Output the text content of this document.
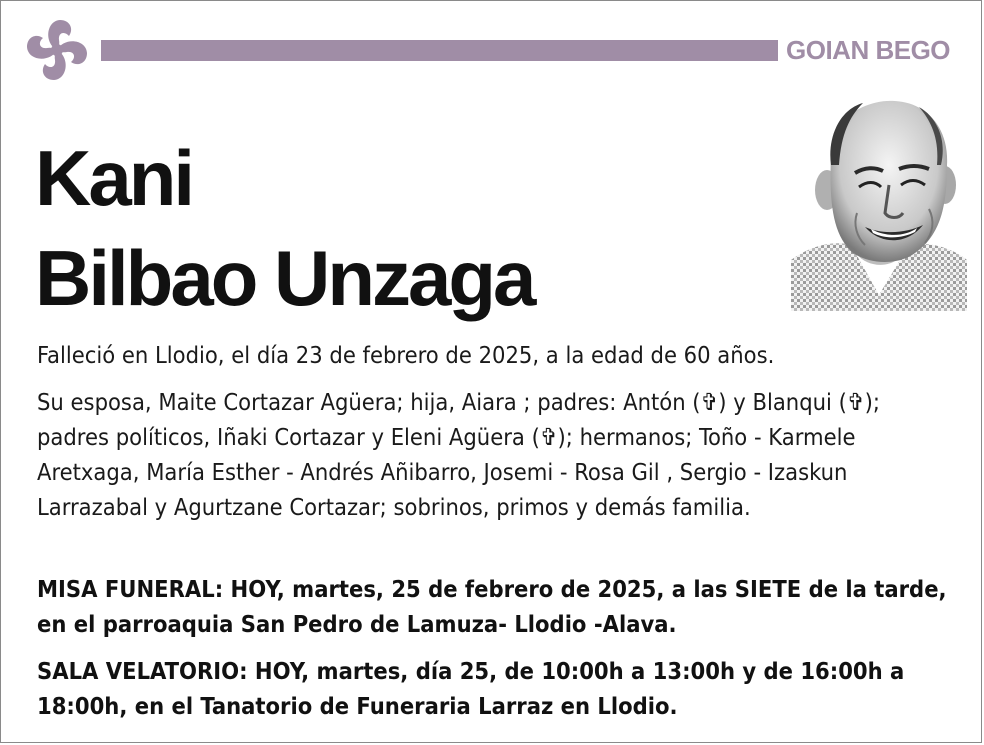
GOIAN BEGO
Kani
Bilbao Unzaga
Falleció en Llodio, el día 23 de febrero de 2025, a la edad de 60 años.
Su esposa, Maite Cortazar Agüera; hija, Aiara ; padres: Antón (✞) y Blanqui (✞); padres políticos, Iñaki Cortazar y Eleni Agüera (✞); hermanos; Toño - Karmele Aretxaga, María Esther - Andrés Añibarro, Josemi - Rosa Gil , Sergio - Izaskun Larrazabal y Agurtzane Cortazar; sobrinos, primos y demás familia.
MISA FUNERAL: HOY, martes, 25 de febrero de 2025, a las SIETE de la tarde, en el parroaquia San Pedro de Lamuza- Llodio -Alava.
SALA VELATORIO: HOY, martes, día 25, de 10:00h a 13:00h y de 16:00h a 18:00h, en el Tanatorio de Funeraria Larraz en Llodio.
